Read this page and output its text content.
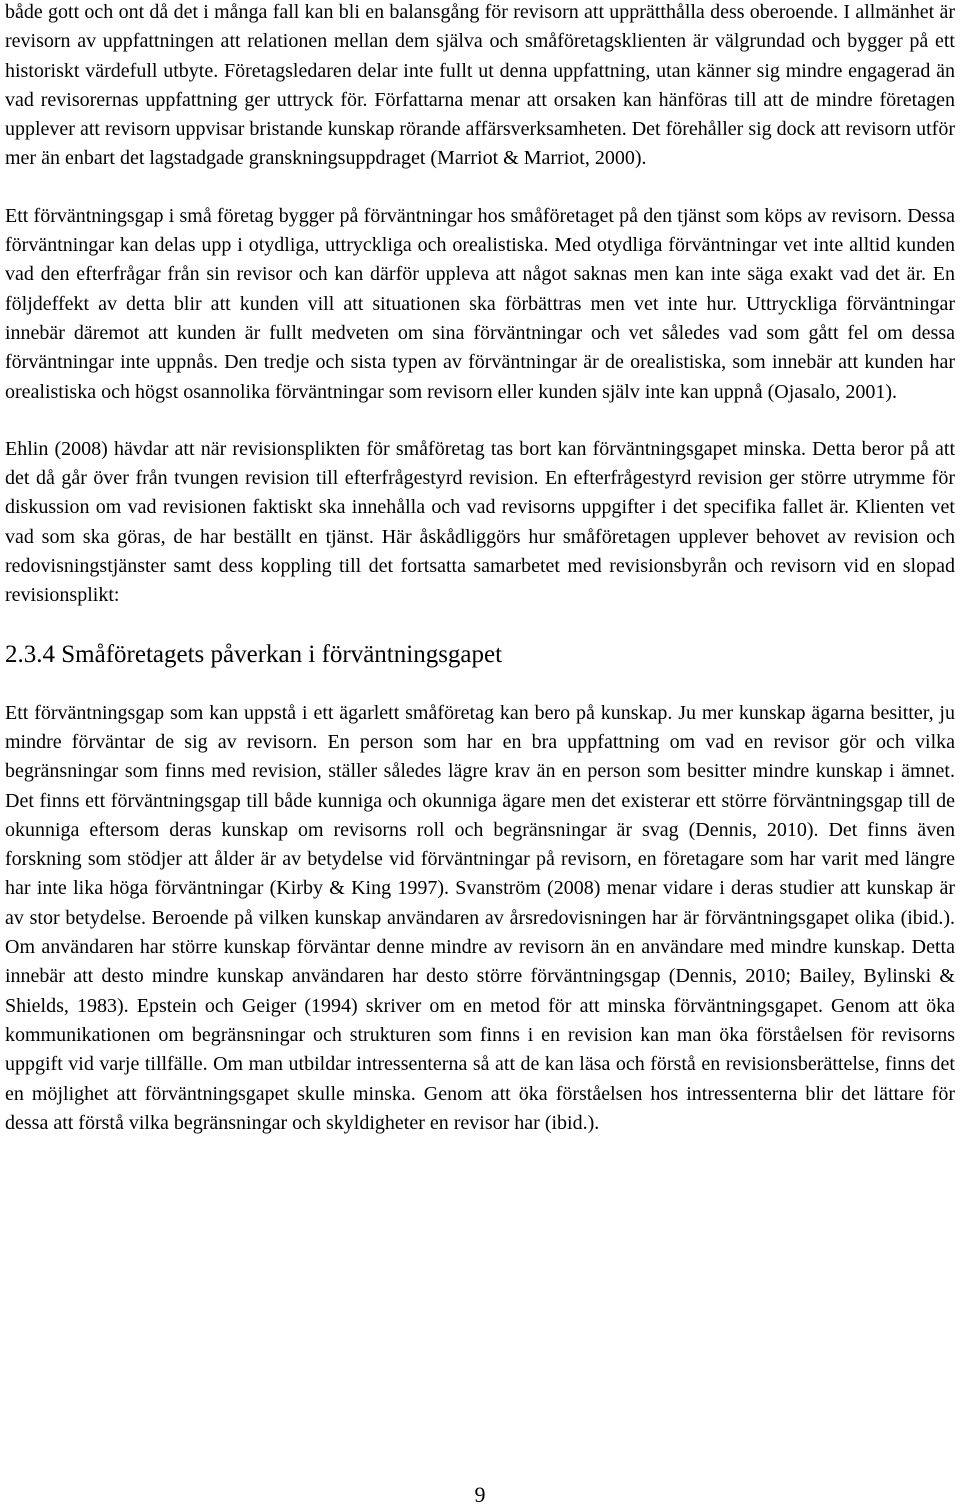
både gott och ont då det i många fall kan bli en balansgång för revisorn att upprätthålla dess oberoende. I allmänhet är revisorn av uppfattningen att relationen mellan dem själva och småföretagsklienten är välgrundad och bygger på ett historiskt värdefull utbyte. Företagsledaren delar inte fullt ut denna uppfattning, utan känner sig mindre engagerad än vad revisorernas uppfattning ger uttryck för. Författarna menar att orsaken kan hänföras till att de mindre företagen upplever att revisorn uppvisar bristande kunskap rörande affärsverksamheten. Det förehåller sig dock att revisorn utför mer än enbart det lagstadgade granskningsuppdraget (Marriot & Marriot, 2000).

Ett förväntningsgap i små företag bygger på förväntningar hos småföretaget på den tjänst som köps av revisorn. Dessa förväntningar kan delas upp i otydliga, uttryckliga och orealistiska. Med otydliga förväntningar vet inte alltid kunden vad den efterfrågar från sin revisor och kan därför uppleva att något saknas men kan inte säga exakt vad det är. En följdeffekt av detta blir att kunden vill att situationen ska förbättras men vet inte hur. Uttryckliga förväntningar innebär däremot att kunden är fullt medveten om sina förväntningar och vet således vad som gått fel om dessa förväntningar inte uppnås. Den tredje och sista typen av förväntningar är de orealistiska, som innebär att kunden har orealistiska och högst osannolika förväntningar som revisorn eller kunden själv inte kan uppnå (Ojasalo, 2001).

Ehlin (2008) hävdar att när revisionsplikten för småföretag tas bort kan förväntningsgapet minska. Detta beror på att det då går över från tvungen revision till efterfrågestyrd revision. En efterfrågestyrd revision ger större utrymme för diskussion om vad revisionen faktiskt ska innehålla och vad revisorns uppgifter i det specifika fallet är. Klienten vet vad som ska göras, de har beställt en tjänst. Här åskådliggörs hur småföretagen upplever behovet av revision och redovisningstjänster samt dess koppling till det fortsatta samarbetet med revisionsbyrån och revisorn vid en slopad revisionsplikt:

2.3.4 Småföretagets påverkan i förväntningsgapet

Ett förväntningsgap som kan uppstå i ett ägarlett småföretag kan bero på kunskap. Ju mer kunskap ägarna besitter, ju mindre förväntar de sig av revisorn. En person som har en bra uppfattning om vad en revisor gör och vilka begränsningar som finns med revision, ställer således lägre krav än en person som besitter mindre kunskap i ämnet. Det finns ett förväntningsgap till både kunniga och okunniga ägare men det existerar ett större förväntningsgap till de okunniga eftersom deras kunskap om revisorns roll och begränsningar är svag (Dennis, 2010). Det finns även forskning som stödjer att ålder är av betydelse vid förväntningar på revisorn, en företagare som har varit med längre har inte lika höga förväntningar (Kirby & King 1997). Svanström (2008) menar vidare i deras studier att kunskap är av stor betydelse. Beroende på vilken kunskap användaren av årsredovisningen har är förväntningsgapet olika (ibid.). Om användaren har större kunskap förväntar denne mindre av revisorn än en användare med mindre kunskap. Detta innebär att desto mindre kunskap användaren har desto större förväntningsgap (Dennis, 2010; Bailey, Bylinski & Shields, 1983). Epstein och Geiger (1994) skriver om en metod för att minska förväntningsgapet. Genom att öka kommunikationen om begränsningar och strukturen som finns i en revision kan man öka förståelsen för revisorns uppgift vid varje tillfälle. Om man utbildar intressenterna så att de kan läsa och förstå en revisionsberättelse, finns det en möjlighet att förväntningsgapet skulle minska. Genom att öka förståelsen hos intressenterna blir det lättare för dessa att förstå vilka begränsningar och skyldigheter en revisor har (ibid.).

9
